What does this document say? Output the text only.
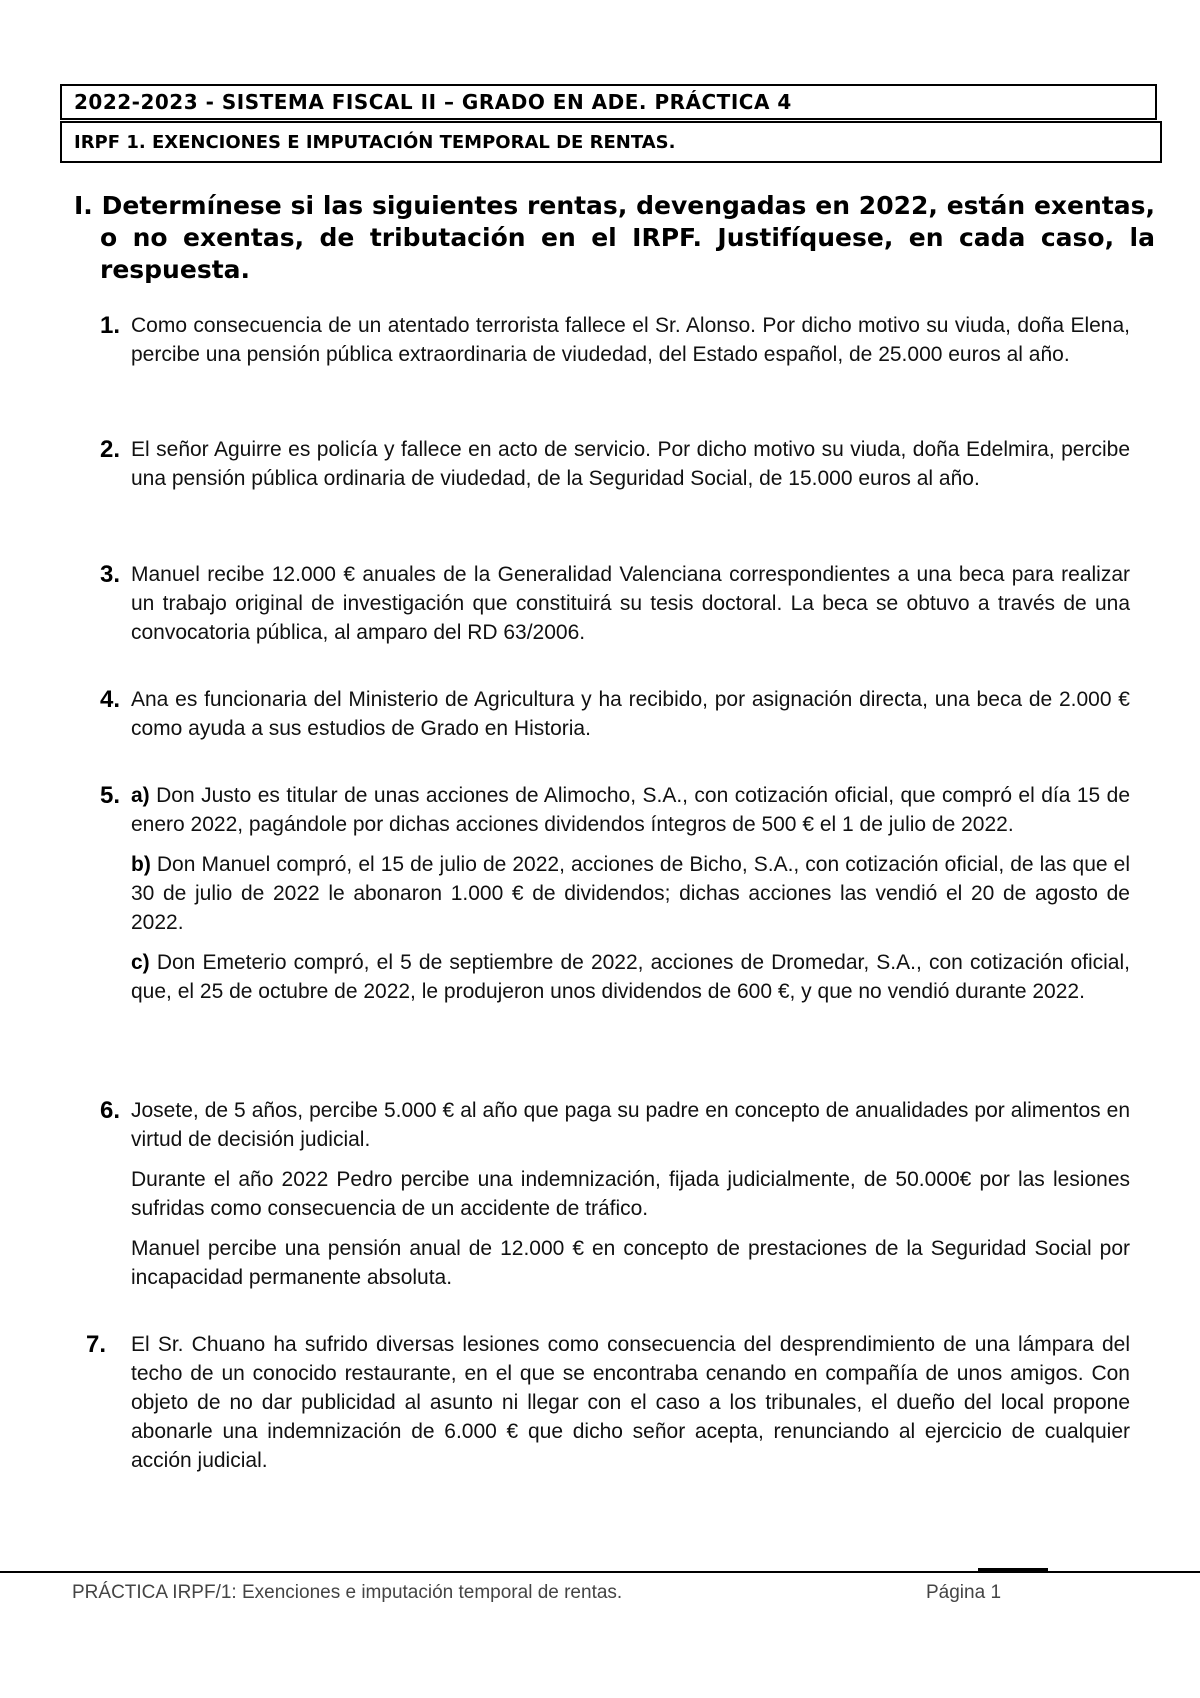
2022-2023 - SISTEMA FISCAL II – GRADO EN ADE. PRÁCTICA 4
IRPF 1. EXENCIONES E IMPUTACIÓN TEMPORAL DE RENTAS.
I. Determínese si las siguientes rentas, devengadas en 2022, están exentas, o no exentas, de tributación en el IRPF. Justifíquese, en cada caso, la respuesta.
1. Como consecuencia de un atentado terrorista fallece el Sr. Alonso. Por dicho motivo su viuda, doña Elena, percibe una pensión pública extraordinaria de viudedad, del Estado español, de 25.000 euros al año.

2. El señor Aguirre es policía y fallece en acto de servicio. Por dicho motivo su viuda, doña Edelmira, percibe una pensión pública ordinaria de viudedad, de la Seguridad Social, de 15.000 euros al año.

3. Manuel recibe 12.000 € anuales de la Generalidad Valenciana correspondientes a una beca para realizar un trabajo original de investigación que constituirá su tesis doctoral. La beca se obtuvo a través de una convocatoria pública, al amparo del RD 63/2006.

4. Ana es funcionaria del Ministerio de Agricultura y ha recibido, por asignación directa, una beca de 2.000 € como ayuda a sus estudios de Grado en Historia.

5. a) Don Justo es titular de unas acciones de Alimocho, S.A., con cotización oficial, que compró el día 15 de enero 2022, pagándole por dichas acciones dividendos íntegros de 500 € el 1 de julio de 2022.

b) Don Manuel compró, el 15 de julio de 2022, acciones de Bicho, S.A., con cotización oficial, de las que el 30 de julio de 2022 le abonaron 1.000 € de dividendos; dichas acciones las vendió el 20 de agosto de 2022.

c) Don Emeterio compró, el 5 de septiembre de 2022, acciones de Dromedar, S.A., con cotización oficial, que, el 25 de octubre de 2022, le produjeron unos dividendos de 600 €, y que no vendió durante 2022.

6. Josete, de 5 años, percibe 5.000 € al año que paga su padre en concepto de anualidades por alimentos en virtud de decisión judicial.

Durante el año 2022 Pedro percibe una indemnización, fijada judicialmente, de 50.000€ por las lesiones sufridas como consecuencia de un accidente de tráfico.

Manuel percibe una pensión anual de 12.000 € en concepto de prestaciones de la Seguridad Social por incapacidad permanente absoluta.

7. El Sr. Chuano ha sufrido diversas lesiones como consecuencia del desprendimiento de una lámpara del techo de un conocido restaurante, en el que se encontraba cenando en compañía de unos amigos. Con objeto de no dar publicidad al asunto ni llegar con el caso a los tribunales, el dueño del local propone abonarle una indemnización de 6.000 € que dicho señor acepta, renunciando al ejercicio de cualquier acción judicial.

PRÁCTICA IRPF/1: Exenciones e imputación temporal de rentas.	Página 1
